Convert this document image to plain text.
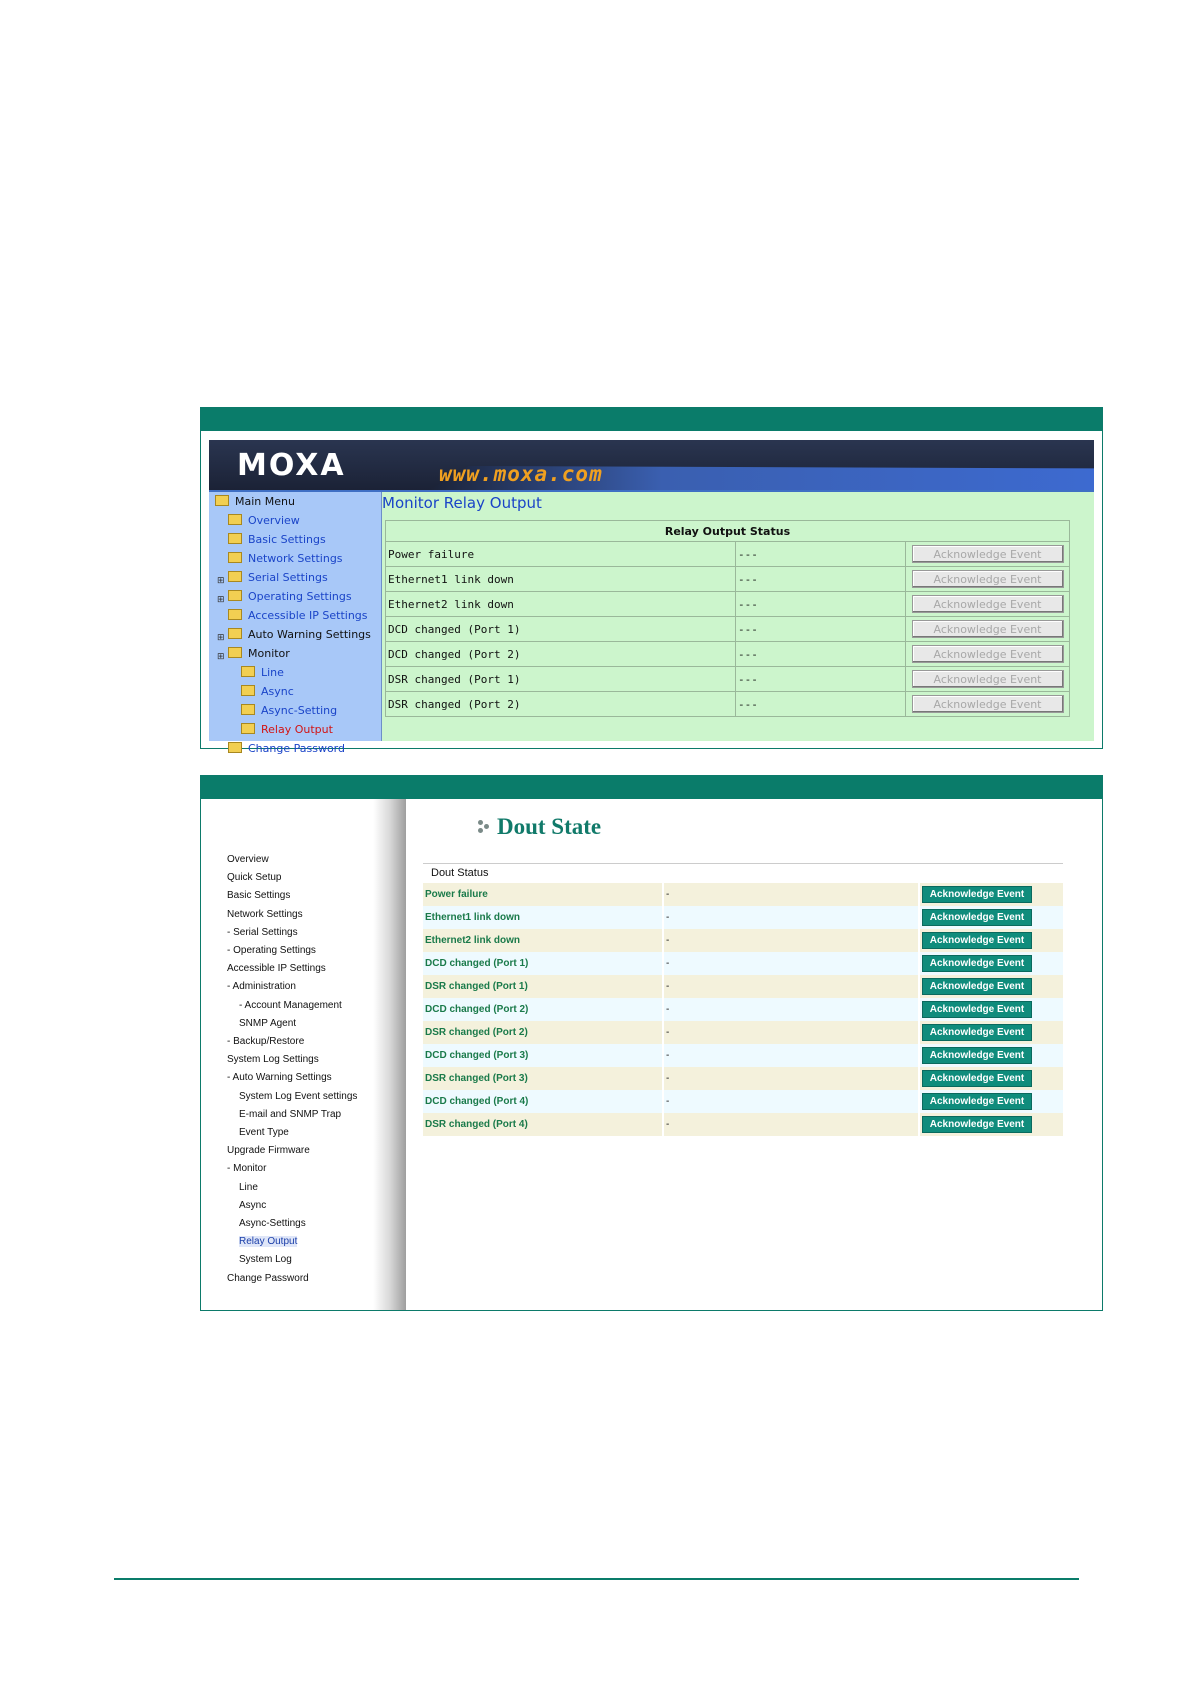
MOXA	www.moxa.com
Main Menu
Overview
Basic Settings
Network Settings
⊞ Serial Settings
⊞ Operating Settings
Accessible IP Settings
⊞ Auto Warning Settings
⊞ Monitor
Line
Async
Async-Setting
Relay Output
Change Password
Monitor Relay Output
Relay Output Status		
Power failure	---	Acknowledge Event
Ethernet1 link down	---	Acknowledge Event
Ethernet2 link down	---	Acknowledge Event
DCD changed (Port 1)	---	Acknowledge Event
DCD changed (Port 2)	---	Acknowledge Event
DSR changed (Port 1)	---	Acknowledge Event
DSR changed (Port 2)	---	Acknowledge Event
Overview
Quick Setup
Basic Settings
Network Settings
- Serial Settings
- Operating Settings
Accessible IP Settings
- Administration
- Account Management
SNMP Agent
- Backup/Restore
System Log Settings
- Auto Warning Settings
System Log Event settings
E-mail and SNMP Trap
Event Type
Upgrade Firmware
- Monitor
Line
Async
Async-Settings
Relay Output
System Log
Change Password
Dout State
Dout Status
Power failure	-	Acknowledge Event
Ethernet1 link down	-	Acknowledge Event
Ethernet2 link down	-	Acknowledge Event
DCD changed (Port 1)	-	Acknowledge Event
DSR changed (Port 1)	-	Acknowledge Event
DCD changed (Port 2)	-	Acknowledge Event
DSR changed (Port 2)	-	Acknowledge Event
DCD changed (Port 3)	-	Acknowledge Event
DSR changed (Port 3)	-	Acknowledge Event
DCD changed (Port 4)	-	Acknowledge Event
DSR changed (Port 4)	-	Acknowledge Event
